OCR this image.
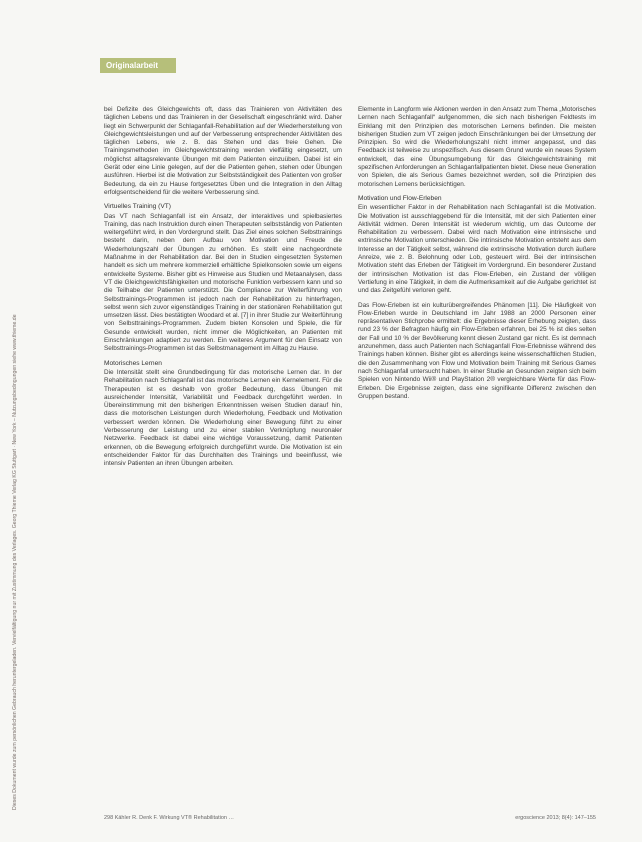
Originalarbeit
Dieses Dokument wurde zum persönlichen Gebrauch heruntergeladen. Vervielfältigung nur mit Zustimmung des Verlages. Georg Thieme Verlag KG Stuttgart · New York – Nutzungsbedingungen siehe www.thieme.de

bei Defizite des Gleichgewichts oft, dass das Trainieren von Aktivitäten des täglichen Lebens und das Trainieren in der Gesellschaft eingeschränkt wird. Daher liegt ein Schwerpunkt der Schlaganfall-Rehabilitation auf der Wiederherstellung von Gleichgewichtsleistungen und auf der Verbesserung entsprechender Aktivitäten des täglichen Lebens, wie z. B. das Stehen und das freie Gehen. Die Trainingsmethoden im Gleichgewichtstraining werden vielfältig eingesetzt, um möglichst alltagsrelevante Übungen mit dem Patienten einzuüben. Dabei ist ein Gerät oder eine Linie gelegen, auf der die Patienten gehen, stehen oder Übungen ausführen. Hierbei ist die Motivation zur Selbstständigkeit des Patienten von großer Bedeutung, da ein zu Hause fortgesetztes Üben und die Integration in den Alltag erfolgsentscheidend für die weitere Verbesserung sind.

Virtuelles Training (VT)

Das VT nach Schlaganfall ist ein Ansatz, der interaktives und spielbasiertes Training, das nach Instruktion durch einen Therapeuten selbstständig von Patienten weitergeführt wird, in den Vordergrund stellt. Das Ziel eines solchen Selbsttrainings besteht darin, neben dem Aufbau von Motivation und Freude die Wiederholungszahl der Übungen zu erhöhen. Es stellt eine nachgeordnete Maßnahme in der Rehabilitation dar. Bei den in Studien eingesetzten Systemen handelt es sich um mehrere kommerziell erhältliche Spielkonsolen sowie um eigens entwickelte Systeme. Bisher gibt es Hinweise aus Studien und Metaanalysen, dass VT die Gleichgewichtsfähigkeiten und motorische Funktion verbessern kann und so die Teilhabe der Patienten unterstützt. Die Compliance zur Weiterführung von Selbsttrainings-Programmen ist jedoch nach der Rehabilitation zu hinterfragen, selbst wenn sich zuvor eigenständiges Training in der stationären Rehabilitation gut umsetzen lässt. Dies bestätigten Woodard et al. [7] in ihrer Studie zur Weiterführung von Selbsttrainings-Programmen. Zudem bieten Konsolen und Spiele, die für Gesunde entwickelt wurden, nicht immer die Möglichkeiten, an Patienten mit Einschränkungen adaptiert zu werden. Ein weiteres Argument für den Einsatz von Selbsttrainings-Programmen ist das Selbstmanagement im Alltag zu Hause.

Motorisches Lernen

Die Intensität stellt eine Grundbedingung für das motorische Lernen dar. In der Rehabilitation nach Schlaganfall ist das motorische Lernen ein Kernelement. Für die Therapeuten ist es deshalb von großer Bedeutung, dass Übungen mit ausreichender Intensität, Variabilität und Feedback durchgeführt werden. In Übereinstimmung mit den bisherigen Erkenntnissen weisen Studien darauf hin, dass die motorischen Leistungen durch Wiederholung, Feedback und Motivation verbessert werden können. Die Wiederholung einer Bewegung führt zu einer Verbesserung der Leistung und zu einer stabilen Verknüpfung neuronaler Netzwerke. Feedback ist dabei eine wichtige Voraussetzung, damit Patienten erkennen, ob die Bewegung erfolgreich durchgeführt wurde. Die Motivation ist ein entscheidender Faktor für das Durchhalten des Trainings und beeinflusst, wie intensiv Patienten an ihren Übungen arbeiten.

Elemente in Langform wie Aktionen werden in den Ansatz zum Thema „Motorisches Lernen nach Schlaganfall“ aufgenommen, die sich nach bisherigen Feldtests im Einklang mit den Prinzipien des motorischen Lernens befinden. Die meisten bisherigen Studien zum VT zeigen jedoch Einschränkungen bei der Umsetzung der Prinzipien. So wird die Wiederholungszahl nicht immer angepasst, und das Feedback ist teilweise zu unspezifisch. Aus diesem Grund wurde ein neues System entwickelt, das eine Übungsumgebung für das Gleichgewichtstraining mit spezifischen Anforderungen an Schlaganfallpatienten bietet. Diese neue Generation von Spielen, die als Serious Games bezeichnet werden, soll die Prinzipien des motorischen Lernens berücksichtigen.

Motivation und Flow-Erleben

Ein wesentlicher Faktor in der Rehabilitation nach Schlaganfall ist die Motivation. Die Motivation ist ausschlaggebend für die Intensität, mit der sich Patienten einer Aktivität widmen. Deren Intensität ist wiederum wichtig, um das Outcome der Rehabilitation zu verbessern. Dabei wird nach Motivation eine intrinsische und extrinsische Motivation unterschieden. Die intrinsische Motivation entsteht aus dem Interesse an der Tätigkeit selbst, während die extrinsische Motivation durch äußere Anreize, wie z. B. Belohnung oder Lob, gesteuert wird. Bei der intrinsischen Motivation steht das Erleben der Tätigkeit im Vordergrund. Ein besonderer Zustand der intrinsischen Motivation ist das Flow-Erleben, ein Zustand der völligen Vertiefung in eine Tätigkeit, in dem die Aufmerksamkeit auf die Aufgabe gerichtet ist und das Zeitgefühl verloren geht.

Das Flow-Erleben ist ein kulturübergreifendes Phänomen [11]. Die Häufigkeit von Flow-Erleben wurde in Deutschland im Jahr 1988 an 2000 Personen einer repräsentativen Stichprobe ermittelt: die Ergebnisse dieser Erhebung zeigten, dass rund 23 % der Befragten häufig ein Flow-Erleben erfahren, bei 25 % ist dies selten der Fall und 10 % der Bevölkerung kennt diesen Zustand gar nicht. Es ist demnach anzunehmen, dass auch Patienten nach Schlaganfall Flow-Erlebnisse während des Trainings haben können. Bisher gibt es allerdings keine wissenschaftlichen Studien, die den Zusammenhang von Flow und Motivation beim Training mit Serious Games nach Schlaganfall untersucht haben. In einer Studie an Gesunden zeigten sich beim Spielen von Nintendo Wii® und PlayStation 2® vergleichbare Werte für das Flow-Erleben. Die Ergebnisse zeigten, dass eine signifikante Differenz zwischen den Gruppen bestand.

298 Kähler R. Denk F. Wirkung VT® Rehabilitation …	ergoscience 2013; 8(4): 147–155
